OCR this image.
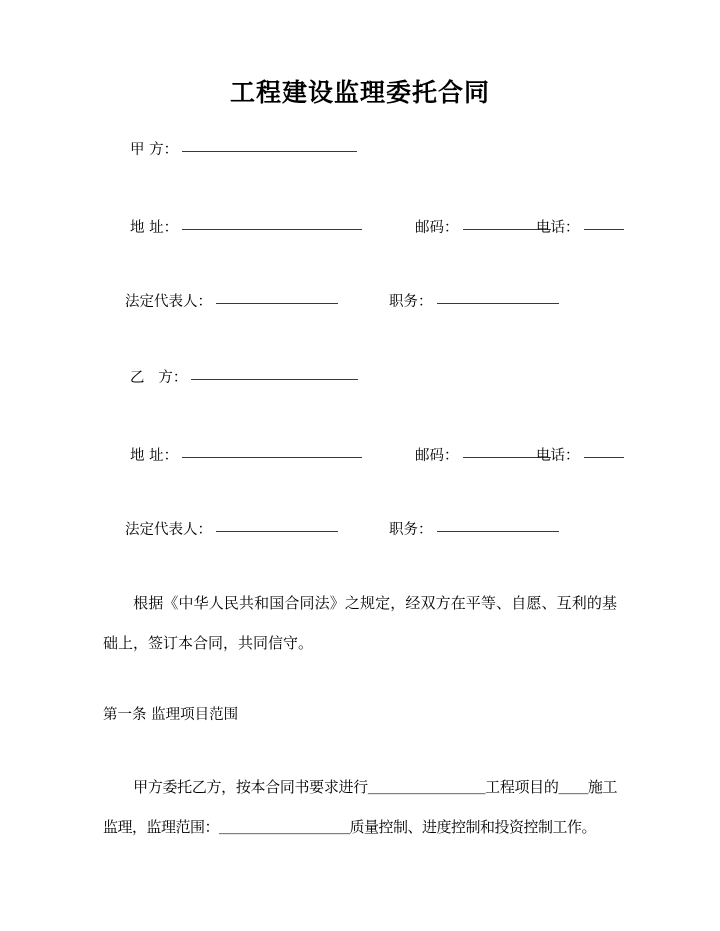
工程建设监理委托合同
甲 方：
地 址：	邮码：	电话：
法定代表人：	职务：
乙   方：
地 址：	邮码：	电话：
法定代表人：	职务：
根据《中华人民共和国合同法》之规定，经双方在平等、自愿、互利的基础上，签订本合同，共同信守。
第一条 监理项目范围
甲方委托乙方，按本合同书要求进行＿＿＿＿＿＿＿＿工程项目的＿＿施工监理，监理范围：＿＿＿＿＿＿＿＿＿质量控制、进度控制和投资控制工作。
